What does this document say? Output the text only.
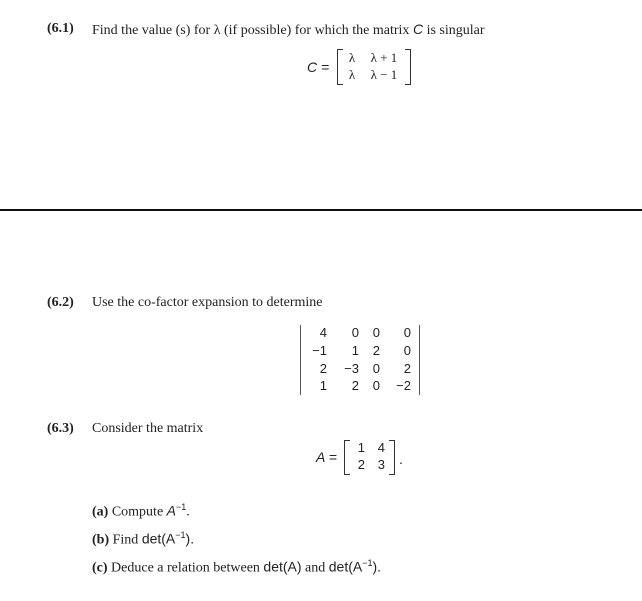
(6.1) Find the value (s) for λ (if possible) for which the matrix C is singular
C =
λ	λ + 1
λ	λ − 1
(6.2) Use the co-factor expansion to determine
4	0	0	0
−1	1	2	0
2	−3	0	2
1	2	0	−2
(6.3) Consider the matrix
A =
1 4
2 3 .
(a) Compute $A^{-1}$.
(b) Find $\det(A^{-1})$.
(c) Deduce a relation between det(A) and $\det(A^{-1})$.
